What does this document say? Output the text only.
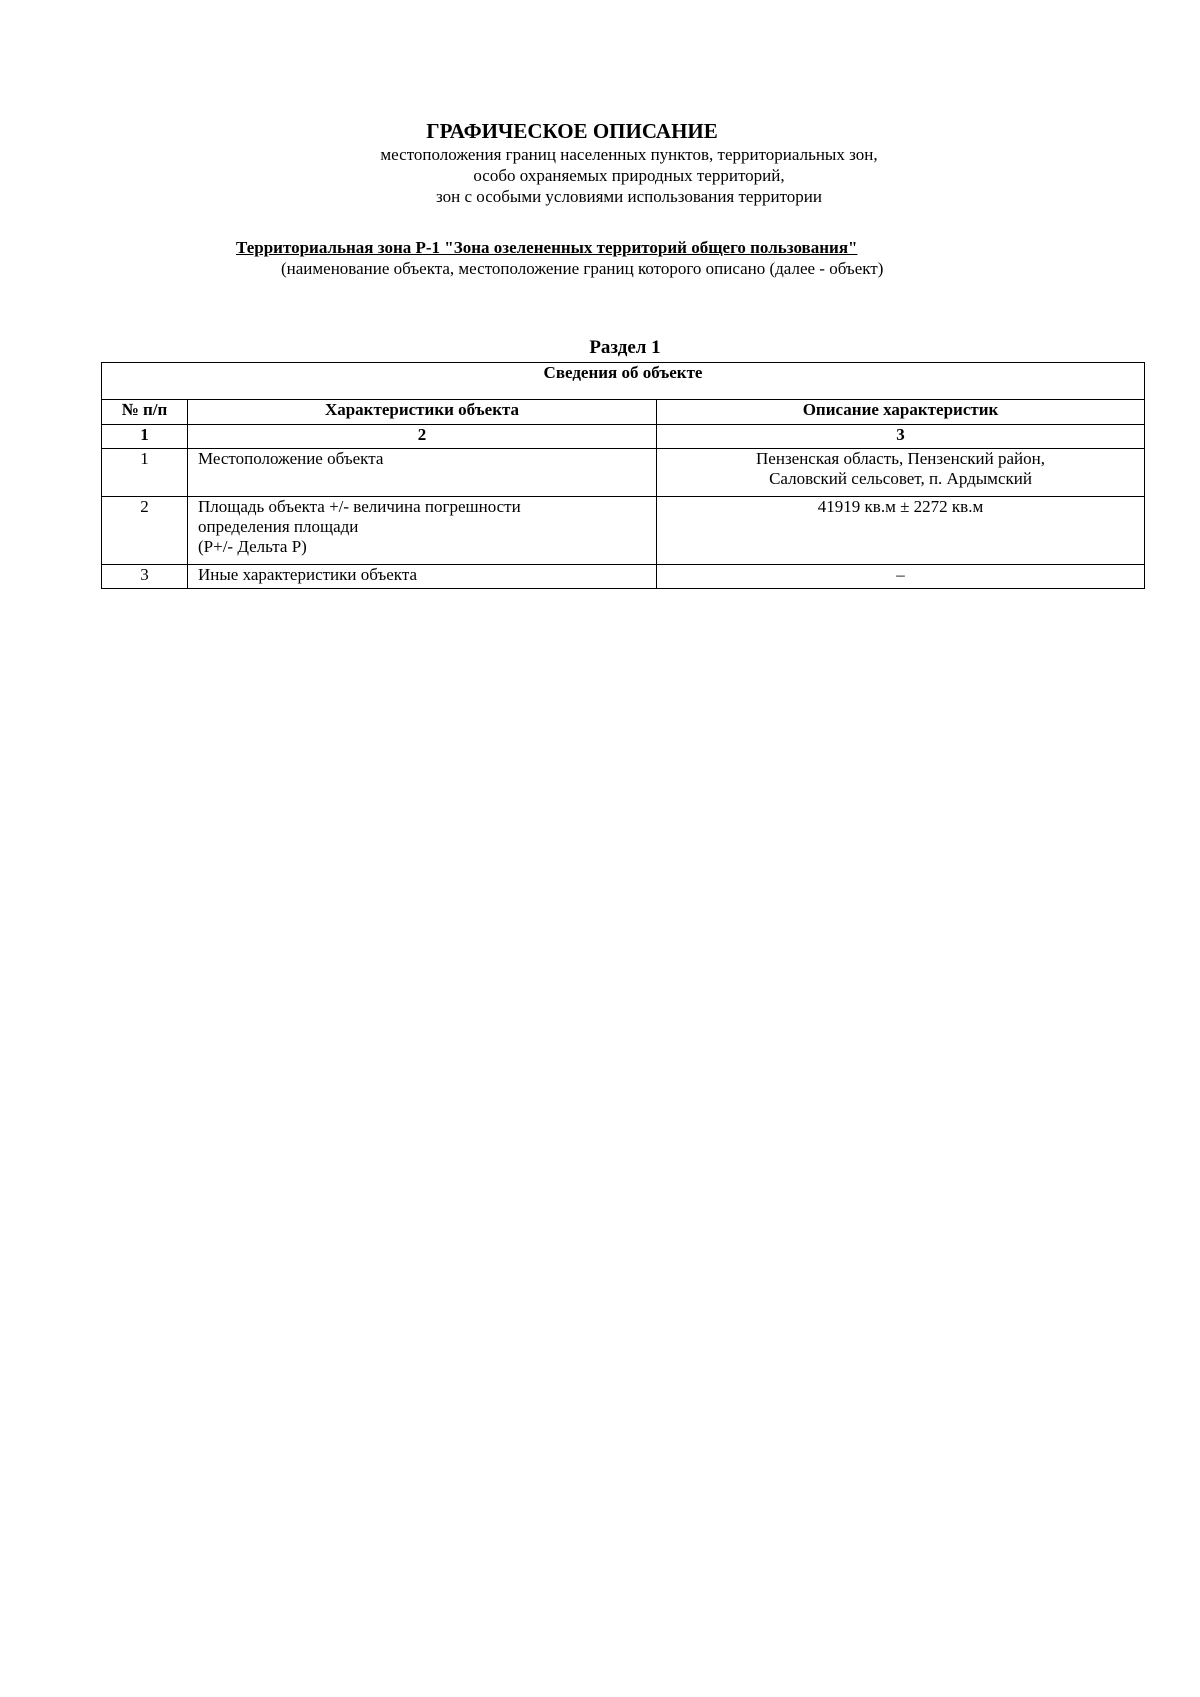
ГРАФИЧЕСКОЕ ОПИСАНИЕ
местоположения границ населенных пунктов, территориальных зон,
особо охраняемых природных территорий,
зон с особыми условиями использования территории
Территориальная зона Р-1 "Зона озелененных территорий общего пользования"
(наименование объекта, местоположение границ которого описано (далее - объект)
Раздел 1
Сведения об объекте		
№ п/п	Характеристики объекта	Описание характеристик
1	2	3
1	Местоположение объекта	Пензенская область, Пензенский район,
Саловский сельсовет, п. Ардымский

2	Площадь объекта +/- величина погрешности
определения площади
(Р+/- Дельта Р)	41919 кв.м ± 2272 кв.м

3	Иные характеристики объекта	–
